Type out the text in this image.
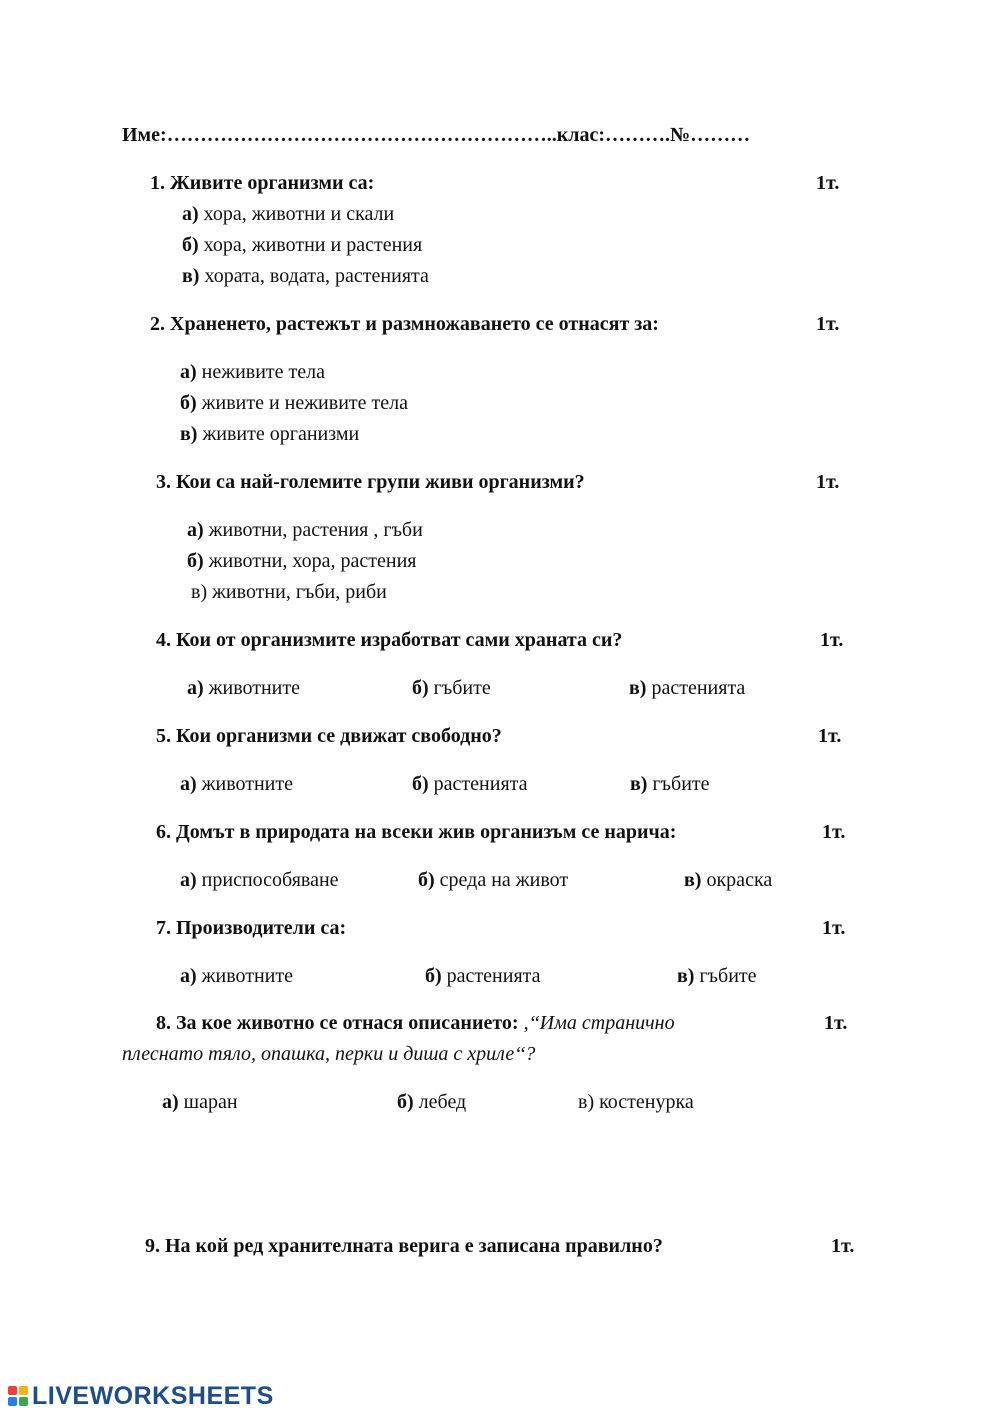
Име:…………………………………………………..клас:……….№………
1. Живите организми са:	1т.
а) хора, животни и скали
б) хора, животни и растения
в) хората, водата, растенията
2. Храненето, растежът и размножаването се отнасят за:	1т.
а) неживите тела
б) живите и неживите тела
в) живите организми
3. Кои са най-големите групи живи организми?	1т.
а) животни, растения , гъби
б) животни, хора, растения
в) животни, гъби, риби
4. Кои от организмите изработват сами храната си?	1т.
а) животните	б) гъбите	в) растенията
5. Кои организми се движат свободно?	1т.
а) животните	б) растенията	в) гъбите
6. Домът в природата на всеки жив организъм се нарича:	1т.
а) приспособяване	б) среда на живот	в) окраска
7. Производители са:	1т.
а) животните	б) растенията	в) гъбите
8. За кое животно се отнася описанието: ,‘‘Има странично	1т.
плеснато тяло, опашка, перки и диша с хриле‘‘?
а) шаран	б) лебед	в) костенурка
9. На кой ред хранителната верига е записана правилно?	1т.
LIVEWORKSHEETS
